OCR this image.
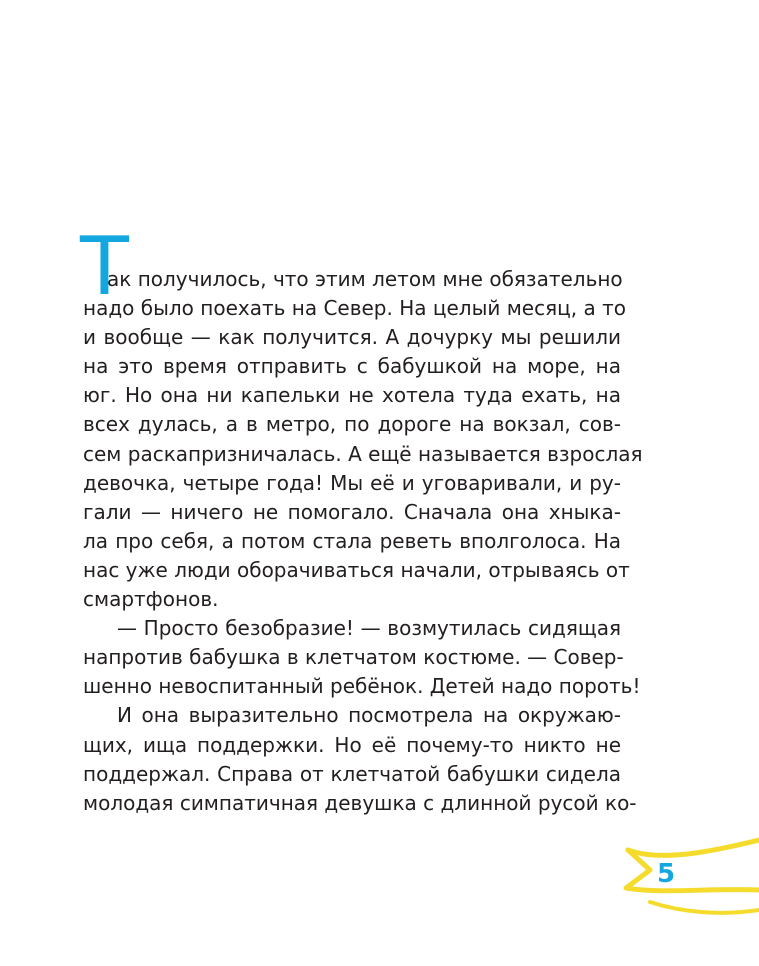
Т
ак получилось, что этим летом мне обязательно
надо было поехать на Север. На целый месяц, а то
и вообще — как получится. А дочурку мы решили
на это время отправить с бабушкой на море, на
юг. Но она ни капельки не хотела туда ехать, на
всех дулась, а в метро, по дороге на вокзал, сов-
сем раскапризничалась. А ещё называется взрослая
девочка, четыре года! Мы её и уговаривали, и ру-
гали — ничего не помогало. Сначала она хныка-
ла про себя, а потом стала реветь вполголоса. На
нас уже люди оборачиваться начали, отрываясь от
смартфонов.
— Просто безобразие! — возмутилась сидящая
напротив бабушка в клетчатом костюме. — Совер-
шенно невоспитанный ребёнок. Детей надо пороть!
И она выразительно посмотрела на окружаю-
щих, ища поддержки. Но её почему-то никто не
поддержал. Справа от клетчатой бабушки сидела
молодая симпатичная девушка с длинной русой ко-
5
